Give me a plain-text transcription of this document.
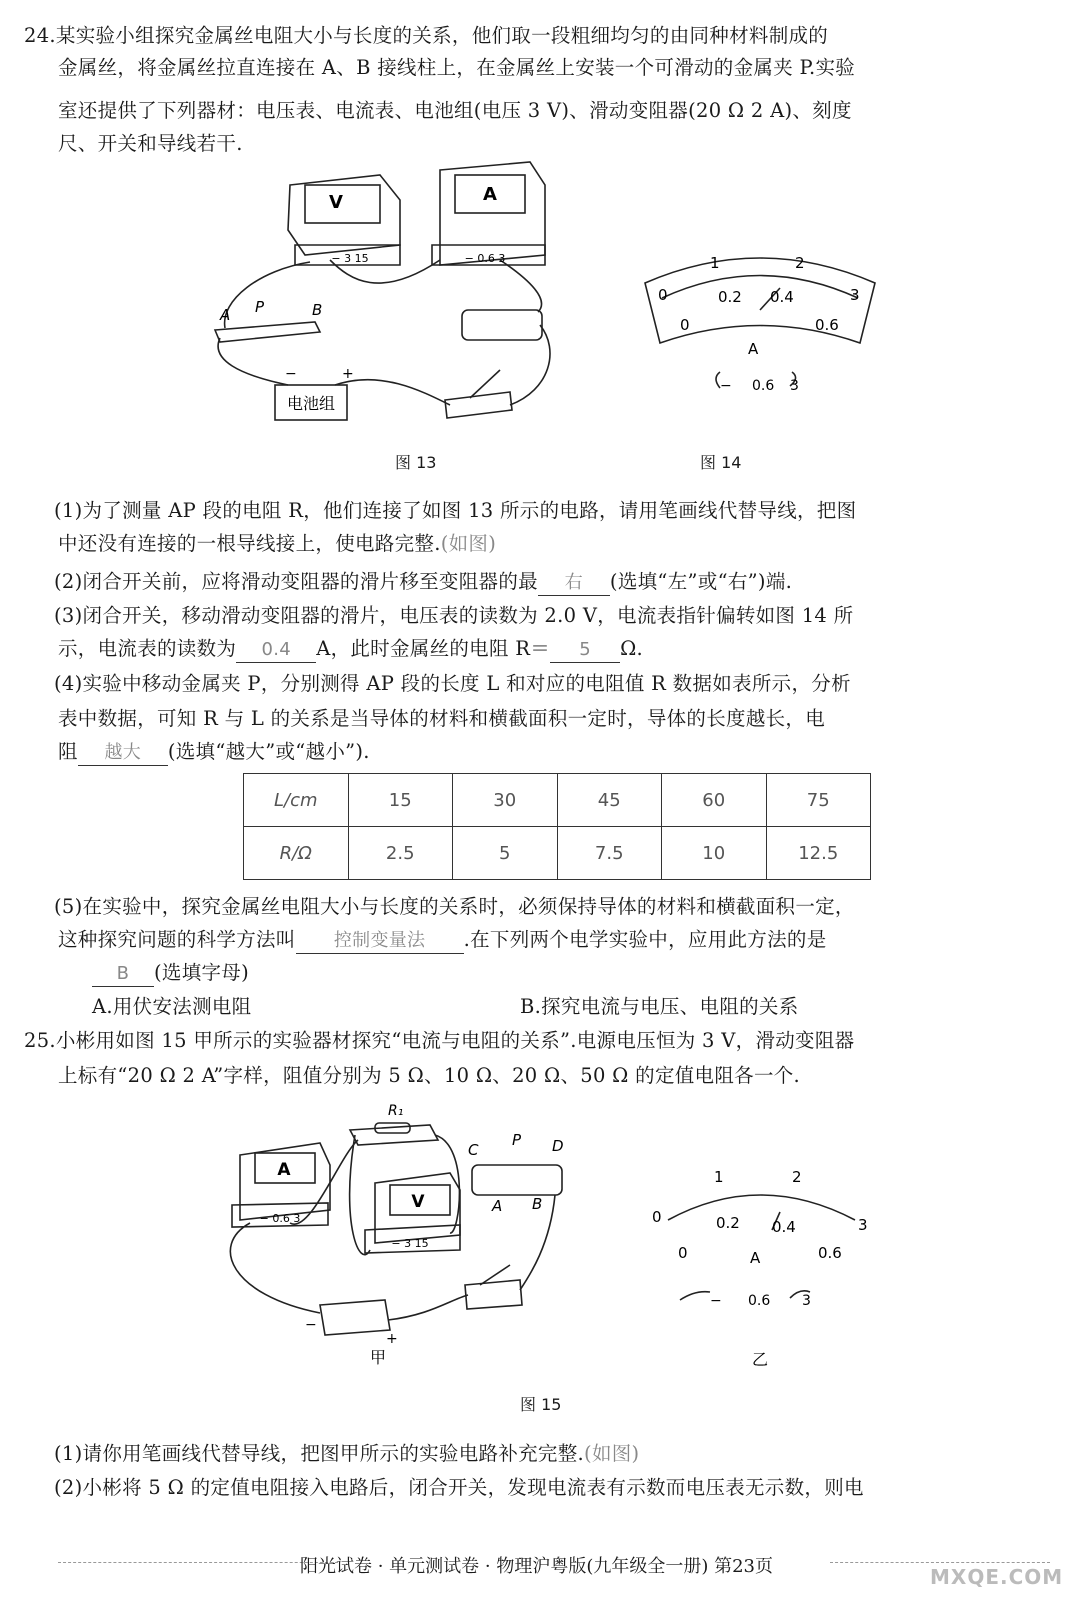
24.某实验小组探究金属丝电阻大小与长度的关系，他们取一段粗细均匀的由同种材料制成的
金属丝，将金属丝拉直连接在 A、B 接线柱上，在金属丝上安装一个可滑动的金属夹 P.实验
室还提供了下列器材：电压表、电流表、电池组(电压 3 V)、滑动变阻器(20 Ω 2 A)、刻度
尺、开关和导线若干.
V
− 3 15
A
− 0.6 3
A P	B
−	+
电池组
图 13
0
1	2
3
0
0.2 0.4
0.6
A
− 0.6 3
图 14
(1)为了测量 AP 段的电阻 R，他们连接了如图 13 所示的电路，请用笔画线代替导线，把图
中还没有连接的一根导线接上，使电路完整.(如图)
(2)闭合开关前，应将滑动变阻器的滑片移至变阻器的最 右 (选填“左”或“右”)端.
(3)闭合开关，移动滑动变阻器的滑片，电压表的读数为 2.0 V，电流表指针偏转如图 14 所
示，电流表的读数为 0.4 A，此时金属丝的电阻 R＝ 5 Ω.
(4)实验中移动金属夹 P，分别测得 AP 段的长度 L 和对应的电阻值 R 数据如表所示，分析
表中数据，可知 R 与 L 的关系是当导体的材料和横截面积一定时，导体的长度越长，电
阻 越大 (选填“越大”或“越小”).
L/cm	15	30	45	60	75
R/Ω	2.5	5	7.5	10	12.5
(5)在实验中，探究金属丝电阻大小与长度的关系时，必须保持导体的材料和横截面积一定，
这种探究问题的科学方法叫 控制变量法 .在下列两个电学实验中，应用此方法的是
B (选填字母)
A.用伏安法测电阻	B.探究电流与电压、电阻的关系
25.小彬用如图 15 甲所示的实验器材探究“电流与电阻的关系”.电源电压恒为 3 V，滑动变阻器
上标有“20 Ω 2 A”字样，阻值分别为 5 Ω、10 Ω、20 Ω、50 Ω 的定值电阻各一个.
A
− 0.6 3
V
− 3 15
R₁
C
P D
A B
−
+
甲
0
1	2
3
0
0.2 0.4
0.6
A
− 0.6 3
乙
图 15
(1)请你用笔画线代替导线，把图甲所示的实验电路补充完整.(如图)
(2)小彬将 5 Ω 的定值电阻接入电路后，闭合开关，发现电流表有示数而电压表无示数，则电
阳光试卷 · 单元测试卷 · 物理沪粤版(九年级全一册) 第23页	MXQE.COM
